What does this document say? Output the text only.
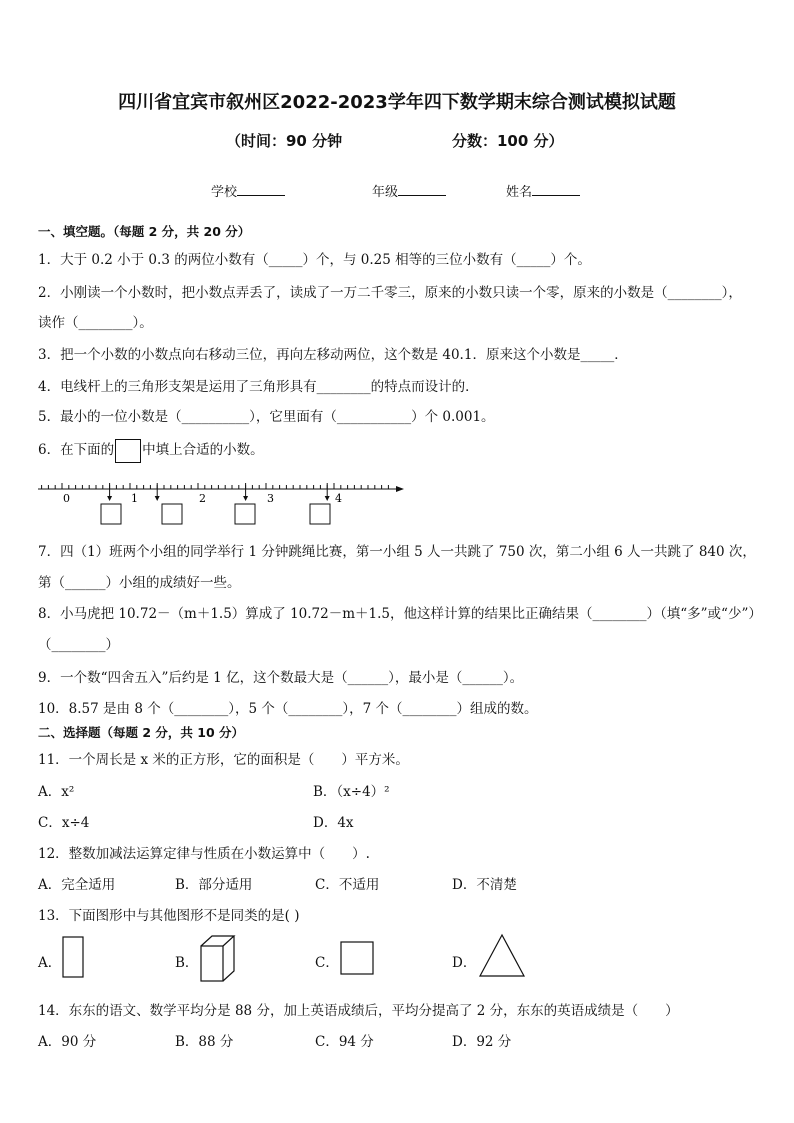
四川省宜宾市叙州区2022-2023学年四下数学期末综合测试模拟试题
（时间：90 分钟	分数：100 分）
学校	年级	姓名
一、填空题。（每题 2 分，共 20 分）
1．大于 0.2 小于 0.3 的两位小数有（_____）个，与 0.25 相等的三位小数有（_____）个。
2．小刚读一个小数时，把小数点弄丢了，读成了一万二千零三，原来的小数只读一个零，原来的小数是（________），
读作（________）。
3．把一个小数的小数点向右移动三位，再向左移动两位，这个数是 40.1．原来这个小数是_____．
4．电线杆上的三角形支架是运用了三角形具有________的特点而设计的．
5．最小的一位小数是（__________），它里面有（___________）个 0.001。
6．在下面的 中填上合适的小数。
0	1	2	3	4
7．四（1）班两个小组的同学举行 1 分钟跳绳比赛，第一小组 5 人一共跳了 750 次，第二小组 6 人一共跳了 840 次，
第（______）小组的成绩好一些。
8．小马虎把 10.72－（m＋1.5）算成了 10.72－m＋1.5，他这样计算的结果比正确结果（________）（填“多”或“少”）
（________）
9．一个数“四舍五入”后约是 1 亿，这个数最大是（______），最小是（______）。
10．8.57 是由 8 个（________），5 个（________），7 个（________）组成的数。
二、选择题（每题 2 分，共 10 分）
11．一个周长是 x 米的正方形，它的面积是（　　）平方米。
A．x²	B．（x÷4）²
C．x÷4	D．4x
12．整数加减法运算定律与性质在小数运算中（　　）.
A．完全适用	B．部分适用	C．不适用	D．不清楚
13．下面图形中与其他图形不是同类的是( )
A．	B．	C．	D．
14．东东的语文、数学平均分是 88 分，加上英语成绩后，平均分提高了 2 分，东东的英语成绩是（　　）
A．90 分	B．88 分	C．94 分	D．92 分
